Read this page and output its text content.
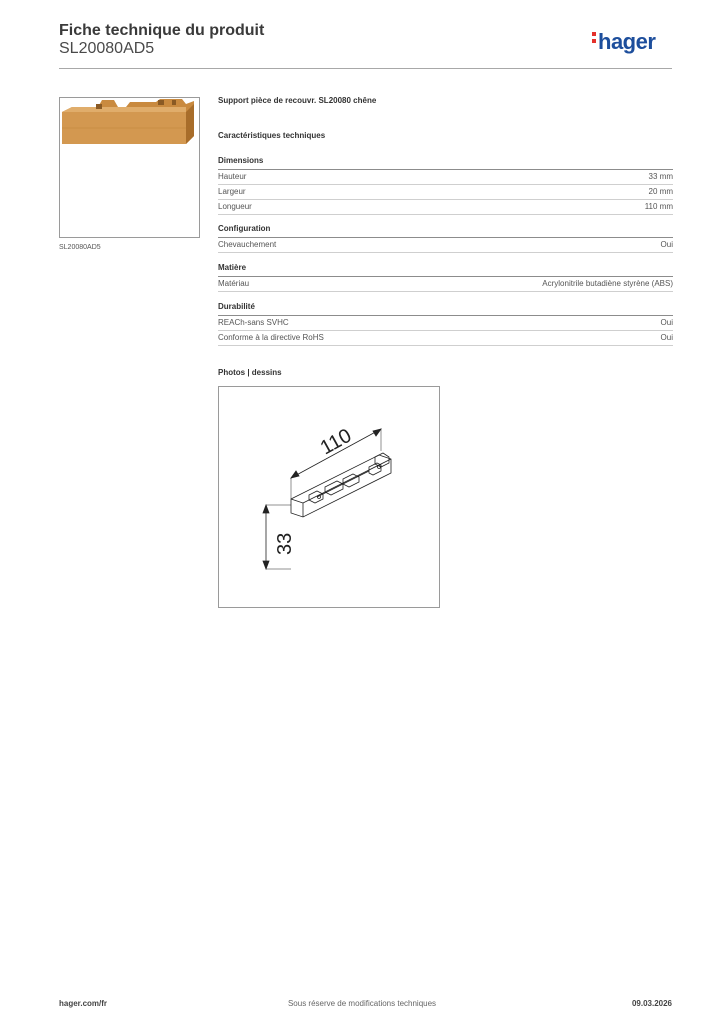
Fiche technique du produit
SL20080AD5	hager
SL20080AD5
Support pièce de recouvr. SL20080 chêne
Caractéristiques techniques
Dimensions
Hauteur	33 mm
Largeur	20 mm
Longueur	110 mm
Configuration
Chevauchement	Oui
Matière
Matériau	Acrylonitrile butadiène styrène (ABS)
Durabilité
REACh-sans SVHC	Oui
Conforme à la directive RoHS	Oui
Photos | dessins
110
33
hager.com/fr	Sous réserve de modifications techniques	09.03.2026
